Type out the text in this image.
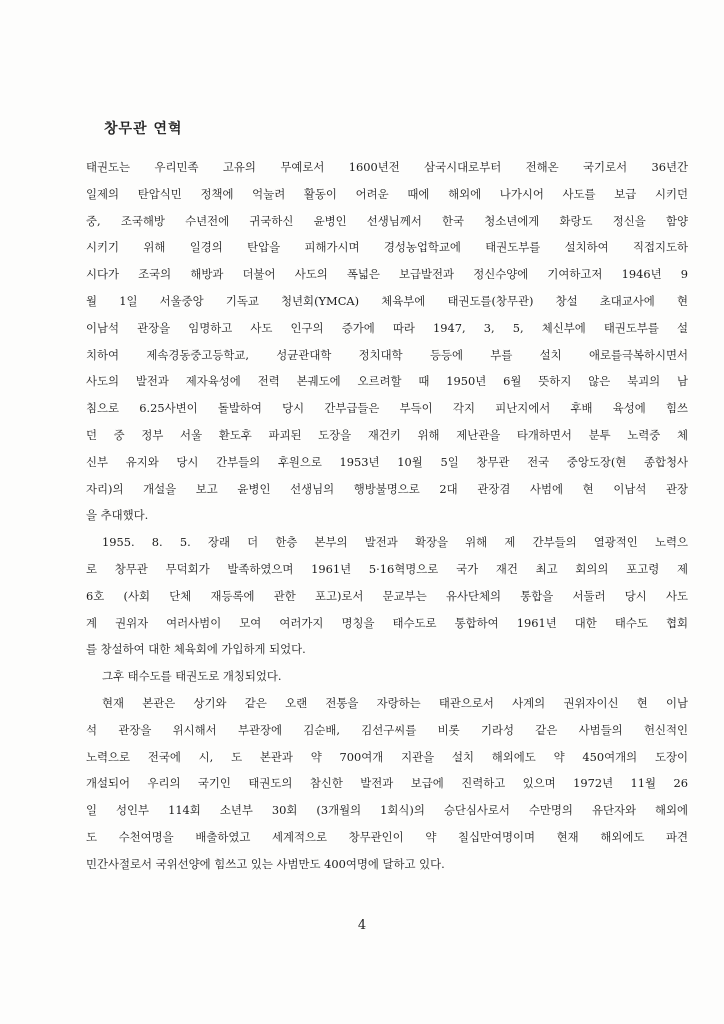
창무관 연혁
태권도는 우리민족 고유의 무예로서 1600년전 삼국시대로부터 전해온 국기로서 36년간
일제의 탄압식민 정책에 억눌려 활동이 어려운 때에 해외에 나가시어 사도를 보급 시키던
중, 조국해방 수년전에 귀국하신 윤병인 선생님께서 한국 청소년에게 화랑도 정신을 함양
시키기 위해 일경의 탄압을 피해가시며 경성농업학교에 태권도부를 설치하여 직접지도하
시다가 조국의 해방과 더불어 사도의 폭넓은 보급발전과 정신수양에 기여하고저 1946년 9
월 1일 서울중앙 기독교 청년회(YMCA) 체육부에 태권도를(창무관) 창설 초대교사에 현
이남석 관장을 임명하고 사도 인구의 증가에 따라 1947, 3, 5, 체신부에 태권도부를 설
치하여 제속경동중고등학교, 성균관대학 정치대학 등등에 부를 설치 애로를극복하시면서
사도의 발전과 제자육성에 전력 본궤도에 오르려할 때 1950년 6월 뜻하지 않은 북괴의 남
침으로 6.25사변이 돌발하여 당시 간부급들은 부득이 각지 피난지에서 후배 육성에 힘쓰
던 중 정부 서울 환도후 파괴된 도장을 재건키 위해 제난관을 타개하면서 분투 노력중 체
신부 유지와 당시 간부들의 후원으로 1953년 10월 5일 창무관 전국 중앙도장(현 종합청사
자리)의 개설을 보고 윤병인 선생님의 행방불명으로 2대 관장겸 사범에 현 이남석 관장
을 추대했다.
1955. 8. 5. 장래 더 한층 본부의 발전과 확장을 위해 제 간부들의 열광적인 노력으
로 창무관 무덕회가 발족하였으며 1961년 5·16혁명으로 국가 재건 최고 회의의 포고령 제
6호 (사회 단체 재등록에 관한 포고)로서 문교부는 유사단체의 통합을 서둘러 당시 사도
계 권위자 여러사범이 모여 여러가지 명칭을 태수도로 통합하여 1961년 대한 태수도 협회
를 창설하여 대한 체육회에 가입하게 되었다.
그후 태수도를 태권도로 개칭되었다.
현재 본관은 상기와 같은 오랜 전통을 자랑하는 태관으로서 사계의 권위자이신 현 이남
석 관장을 위시해서 부관장에 김순배, 김선구씨를 비롯 기라성 같은 사범들의 헌신적인
노력으로 전국에 시, 도 본관과 약 700여개 지관을 설치 해외에도 약 450여개의 도장이
개설되어 우리의 국기인 태권도의 참신한 발전과 보급에 진력하고 있으며 1972년 11월 26
일 성인부 114회 소년부 30회 (3개월의 1회식)의 승단심사로서 수만명의 유단자와 해외에
도 수천여명을 배출하였고 세계적으로 창무관인이 약 칠십만여명이며 현재 해외에도 파견
민간사절로서 국위선양에 힘쓰고 있는 사범만도 400여명에 달하고 있다.
4
